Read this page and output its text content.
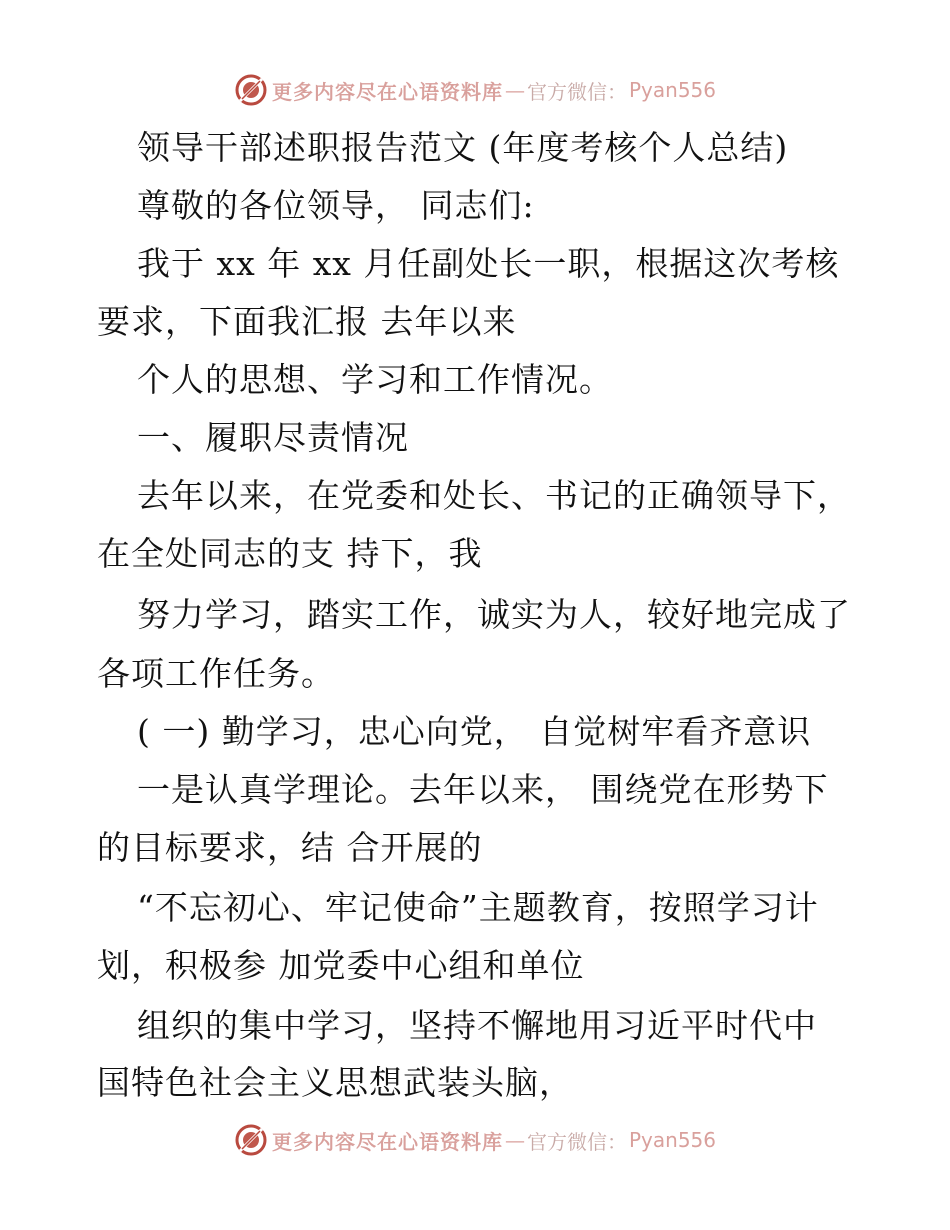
更多内容尽在心语资料库 — 官方微信： Pyan556
领导干部述职报告范文 (年度考核个人总结)
尊敬的各位领导， 同志们:
我于 xx 年 xx 月任副处长一职，根据这次考核
要求，下面我汇报 去年以来
个人的思想、学习和工作情况。
一、履职尽责情况
去年以来，在党委和处长、书记的正确领导下，
在全处同志的支 持下，我
努力学习，踏实工作，诚实为人，较好地完成了
各项工作任务。
( 一) 勤学习，忠心向党， 自觉树牢看齐意识
一是认真学理论。去年以来， 围绕党在形势下
的目标要求，结 合开展的
“不忘初心、牢记使命”主题教育，按照学习计
划，积极参 加党委中心组和单位
组织的集中学习，坚持不懈地用习近平时代中
国特色社会主义思想武装头脑，
更多内容尽在心语资料库 — 官方微信： Pyan556
